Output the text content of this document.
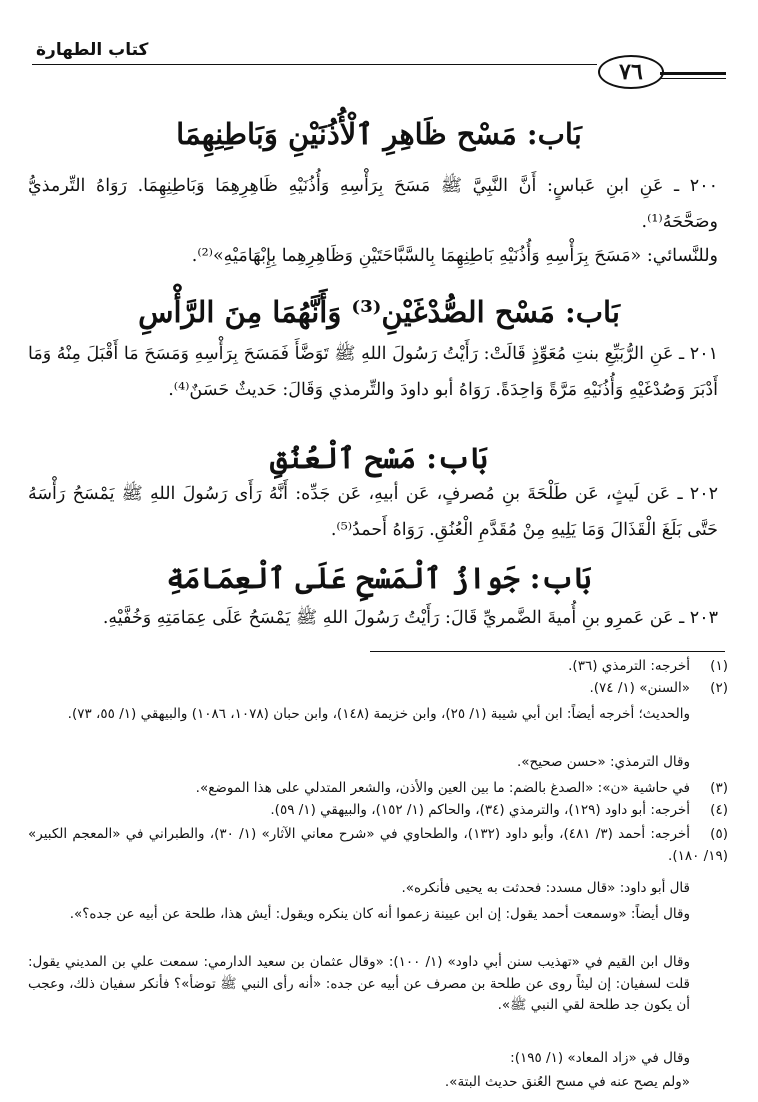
كتاب الطهارة
٧٦
بَاب: مَسْح ظَاهِرِ ٱلْأُذُنَيْنِ وَبَاطِنِهِمَا
٢٠٠ ـ عَنِ ابنِ عَباسٍ: أَنَّ النَّبِيَّ ﷺ مَسَحَ بِرَأْسِهِ وَأُذُنَيْهِ ظَاهِرِهِمَا وَبَاطِنِهِمَا. رَوَاهُ التِّرمذيُّ وصَحَّحَهُ⁽¹⁾.
وللنَّسائي: «مَسَحَ بِرَأْسِهِ وَأُذُنَيْهِ بَاطِنِهِمَا بِالسَّبَّاحَتَيْنِ وَظَاهِرِهِما بِإِبْهَامَيْهِ»⁽²⁾.
بَاب: مَسْح الصُّدْغَيْنِ⁽³⁾ وَأَنَّهُمَا مِنَ الرَّأْسِ
٢٠١ ـ عَنِ الرُّبَيِّعِ بنتِ مُعَوِّذٍ قَالَتْ: رَأَيْتُ رَسُولَ اللهِ ﷺ تَوَضَّأَ فَمَسَحَ بِرَأْسِهِ وَمَسَحَ مَا أَقْبَلَ مِنْهُ وَمَا أَدْبَرَ وَصُدْغَيْهِ وَأُذُنَيْهِ مَرَّةً وَاحِدَةً. رَوَاهُ أبو داودَ والتِّرمذي وَقَالَ: حَديثٌ حَسَنٌ⁽⁴⁾.
بَاب: مَسْح ٱلْعُنُقِ
٢٠٢ ـ عَن لَيثٍ، عَن طَلْحَةَ بنِ مُصرفٍ، عَن أبيهِ، عَن جَدِّه: أَنَّهُ رَأَى رَسُولَ اللهِ ﷺ يَمْسَحُ رَأْسَهُ حَتَّى بَلَغَ الْقَذَالَ وَمَا يَلِيهِ مِنْ مُقَدَّمِ الْعُنُقِ. رَوَاهُ أَحمدُ⁽⁵⁾.
بَاب: جَوازُ ٱلْمَسْحِ عَلَى ٱلْعِمَامَةِ
٢٠٣ ـ عَن عَمرِو بنِ أُميةَ الضَّمريِّ قَالَ: رَأَيْتُ رَسُولَ اللهِ ﷺ يَمْسَحُ عَلَى عِمَامَتِهِ وَخُفَّيْهِ.
(١)أخرجه: الترمذي (٣٦).
(٢)«السنن» (١/ ٧٤).
والحديث؛ أخرجه أيضاً: ابن أبي شيبة (١/ ٢٥)، وابن خزيمة (١٤٨)، وابن حبان (١٠٧٨، ١٠٨٦) والبيهقي (١/ ٥٥، ٧٣).
وقال الترمذي: «حسن صحيح».
(٣)في حاشية «ن»: «الصدغ بالضم: ما بين العين والأذن، والشعر المتدلي على هذا الموضع».
(٤)أخرجه: أبو داود (١٢٩)، والترمذي (٣٤)، والحاكم (١/ ١٥٢)، والبيهقي (١/ ٥٩).
(٥)أخرجه: أحمد (٣/ ٤٨١)، وأبو داود (١٣٢)، والطحاوي في «شرح معاني الآثار» (١/ ٣٠)، والطبراني في «المعجم الكبير» (١٩/ ١٨٠).
قال أبو داود: «قال مسدد: فحدثت به يحيى فأنكره».
وقال أيضاً: «وسمعت أحمد يقول: إن ابن عيينة زعموا أنه كان ينكره ويقول: أيش هذا، طلحة عن أبيه عن جده؟».
وقال ابن القيم في «تهذيب سنن أبي داود» (١/ ١٠٠): «وقال عثمان بن سعيد الدارمي: سمعت علي بن المديني يقول: قلت لسفيان: إن ليثاً روى عن طلحة بن مصرف عن أبيه عن جده: «أنه رأى النبي ﷺ توضأ»؟ فأنكر سفيان ذلك، وعجب أن يكون جد طلحة لقي النبي ﷺ».
وقال في «زاد المعاد» (١/ ١٩٥):
«ولم يصح عنه في مسح العُنق حديث البتة».
